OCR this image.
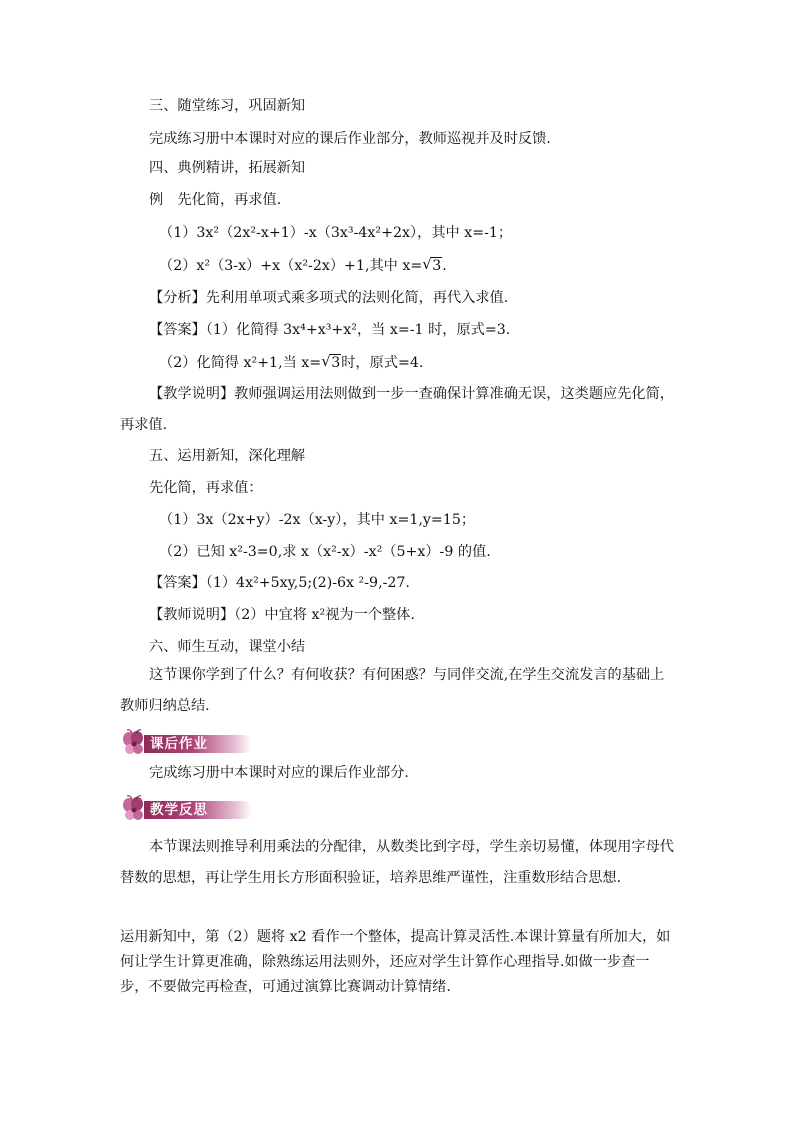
三、随堂练习，巩固新知
完成练习册中本课时对应的课后作业部分，教师巡视并及时反馈.
四、典例精讲，拓展新知
例　先化简，再求值.
（1）3x²（2x²-x+1）-x（3x³-4x²+2x），其中 x=-1；
（2）x²（3-x）+x（x²-2x）+1,其中 x= √ 3.
【分析】先利用单项式乘多项式的法则化简，再代入求值.
【答案】（1）化简得 3x⁴+x³+x²，当 x=-1 时，原式=3.
（2）化简得 x²+1,当 x= √ 3时，原式=4.
【教学说明】教师强调运用法则做到一步一查确保计算准确无误，这类题应先化简，再求值.
五、运用新知，深化理解
先化简，再求值：
（1）3x（2x+y）-2x（x-y），其中 x=1,y=15；
（2）已知 x²-3=0,求 x（x²-x）-x²（5+x）-9 的值.
【答案】（1）4x²+5xy,5;(2)-6x ²-9,-27.
【教师说明】（2）中宜将 x²视为一个整体.
六、师生互动，课堂小结
这节课你学到了什么？有何收获？有何困惑？与同伴交流,在学生交流发言的基础上教师归纳总结.
课后作业
完成练习册中本课时对应的课后作业部分.
教学反思
本节课法则推导利用乘法的分配律，从数类比到字母，学生亲切易懂，体现用字母代替数的思想，再让学生用长方形面积验证，培养思维严谨性，注重数形结合思想.
运用新知中，第（2）题将 x2 看作一个整体，提高计算灵活性.本课计算量有所加大，如何让学生计算更准确，除熟练运用法则外，还应对学生计算作心理指导.如做一步查一步，不要做完再检查，可通过演算比赛调动计算情绪.
